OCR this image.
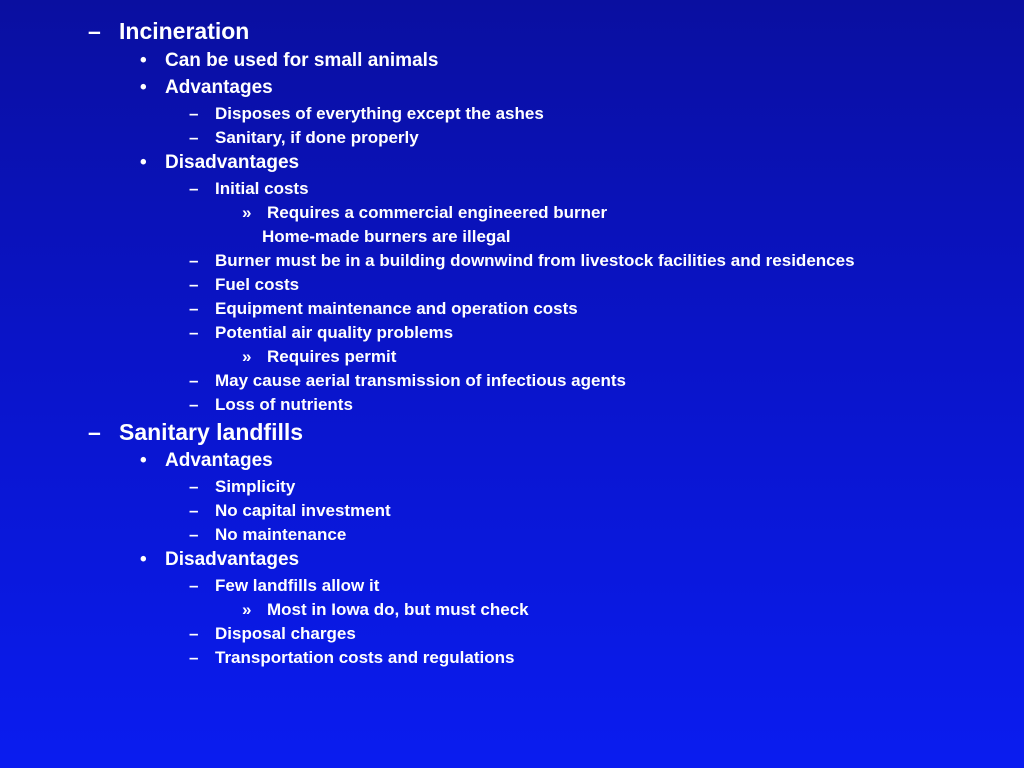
– Incineration
• Can be used for small animals
• Advantages
– Disposes of everything except the ashes
– Sanitary, if done properly
• Disadvantages
– Initial costs
» Requires a commercial engineered burner
Home-made burners are illegal
– Burner must be in a building downwind from livestock facilities and residences
– Fuel costs
– Equipment maintenance and operation costs
– Potential air quality problems
» Requires permit
– May cause aerial transmission of infectious agents
– Loss of nutrients
– Sanitary landfills
• Advantages
– Simplicity
– No capital investment
– No maintenance
• Disadvantages
– Few landfills allow it
» Most in Iowa do, but must check
– Disposal charges
– Transportation costs and regulations
